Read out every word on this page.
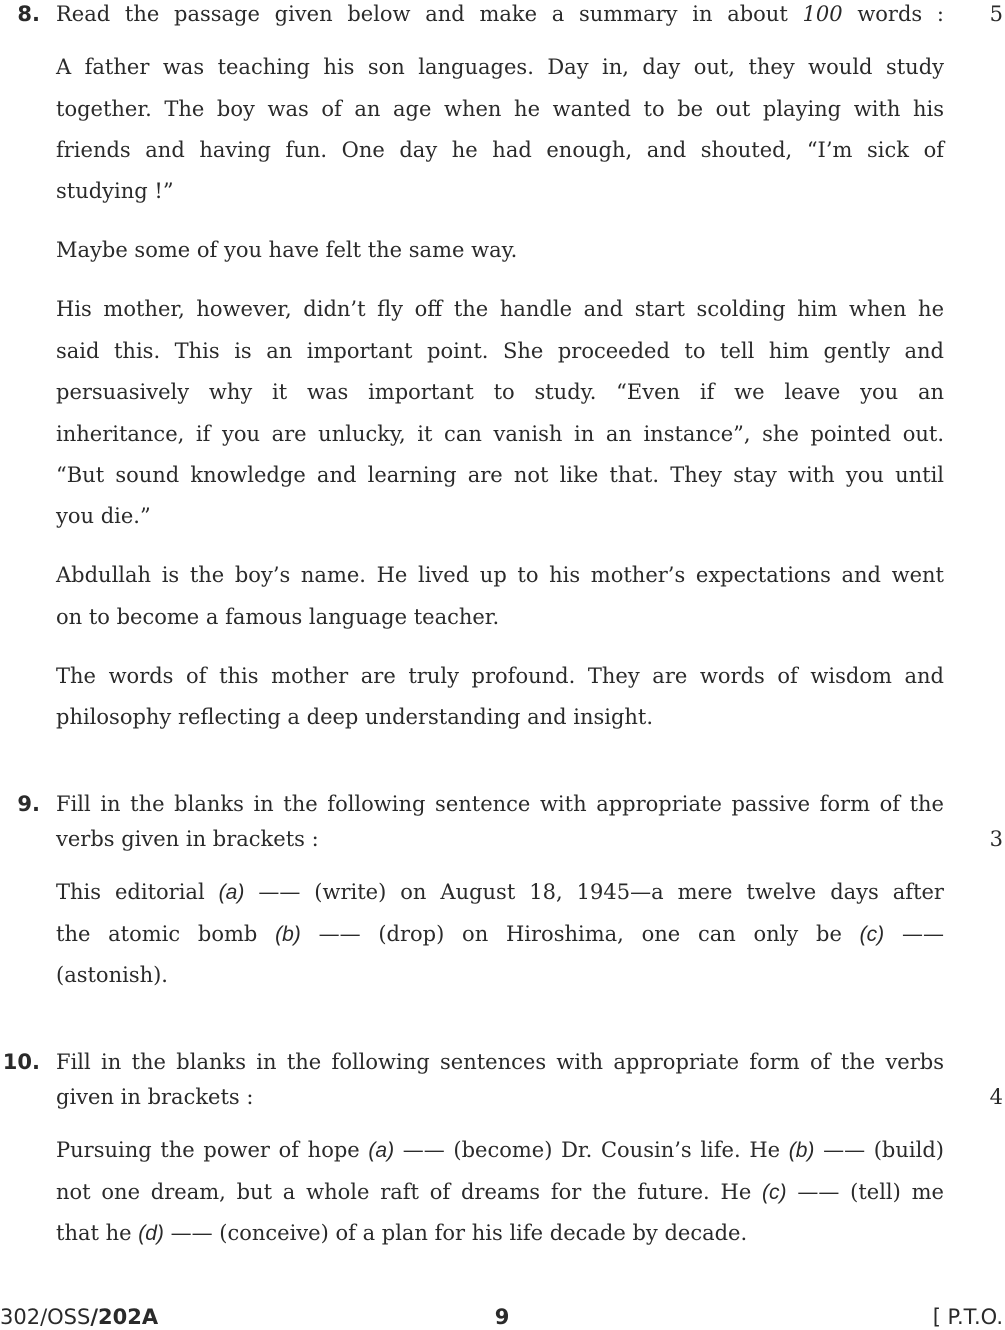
8. Read the passage given below and make a summary in about 100 words : 5
A father was teaching his son languages. Day in, day out, they would study
together. The boy was of an age when he wanted to be out playing with his
friends and having fun. One day he had enough, and shouted, “I’m sick of
studying !”
Maybe some of you have felt the same way.
His mother, however, didn’t fly off the handle and start scolding him when he
said this. This is an important point. She proceeded to tell him gently and
persuasively why it was important to study. “Even if we leave you an
inheritance, if you are unlucky, it can vanish in an instance”, she pointed out.
“But sound knowledge and learning are not like that. They stay with you until
you die.”
Abdullah is the boy’s name. He lived up to his mother’s expectations and went
on to become a famous language teacher.
The words of this mother are truly profound. They are words of wisdom and
philosophy reflecting a deep understanding and insight.
9. Fill in the blanks in the following sentence with appropriate passive form of the
verbs given in brackets :	3
This editorial (a) —— (write) on August 18, 1945—a mere twelve days after
the atomic bomb (b) —— (drop) on Hiroshima, one can only be (c) ——
(astonish).
10. Fill in the blanks in the following sentences with appropriate form of the verbs
given in brackets :	4
Pursuing the power of hope (a) —— (become) Dr. Cousin’s life. He (b) —— (build)
not one dream, but a whole raft of dreams for the future. He (c) —— (tell) me
that he (d) —— (conceive) of a plan for his life decade by decade.
302/OSS/202A	9	[ P.T.O.
